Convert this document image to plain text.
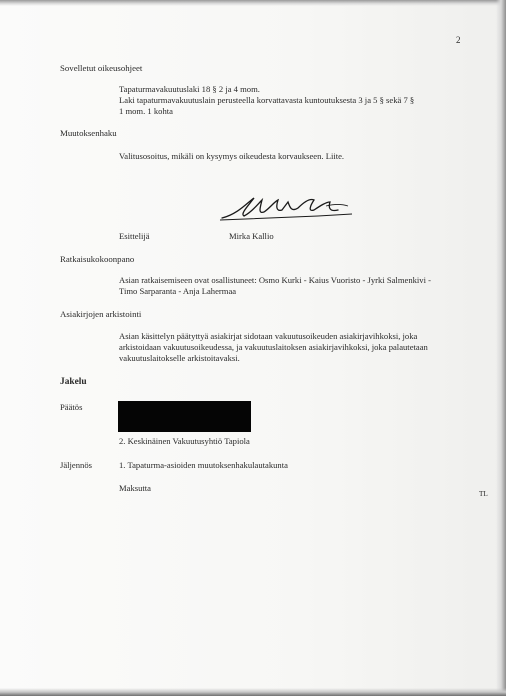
2
Sovelletut oikeusohjeet
Tapaturmavakuutuslaki 18 § 2 ja 4 mom.
Laki tapaturmavakuutuslain perusteella korvattavasta kuntoutuksesta 3 ja 5 § sekä 7 §
1 mom. 1 kohta
Muutoksenhaku
Valitusosoitus, mikäli on kysymys oikeudesta korvaukseen. Liite.
Esittelijä	Mirka Kallio
Ratkaisukokoonpano
Asian ratkaisemiseen ovat osallistuneet: Osmo Kurki - Kaius Vuoristo - Jyrki Salmenkivi -
Timo Sarparanta - Anja Lahermaa
Asiakirjojen arkistointi
Asian käsittelyn päätyttyä asiakirjat sidotaan vakuutusoikeuden asiakirjavihkoksi, joka
arkistoidaan vakuutusoikeudessa, ja vakuutuslaitoksen asiakirjavihkoksi, joka palautetaan
vakuutuslaitokselle arkistoitavaksi.
Jakelu
Päätös
2. Keskinäinen Vakuutusyhtiö Tapiola
Jäljennös	1. Tapaturma-asioiden muutoksenhakulautakunta
Maksutta
TL
